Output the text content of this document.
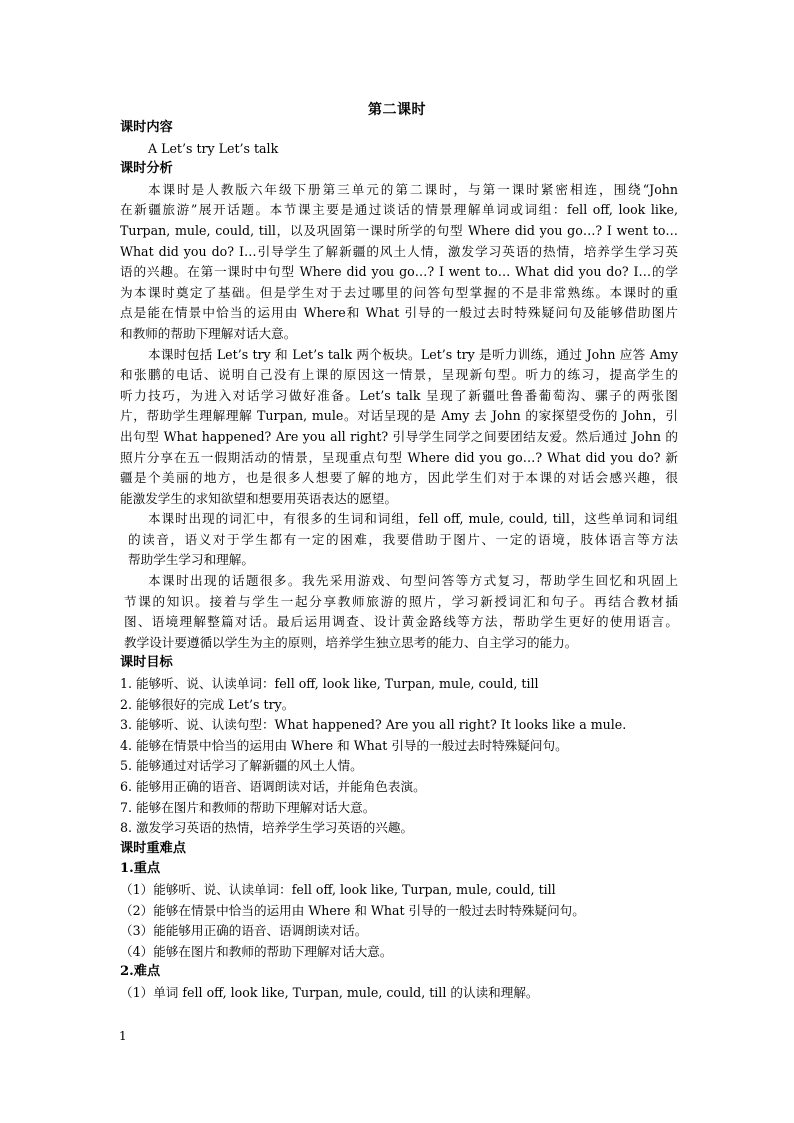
第二课时
课时内容
A Let’s try Let’s talk
课时分析
本课时是人教版六年级下册第三单元的第二课时，与第一课时紧密相连，围绕“John
在新疆旅游”展开话题。本节课主要是通过谈话的情景理解单词或词组：fell off, look like,
Turpan, mule, could, till，以及巩固第一课时所学的句型 Where did you go…? I went to…
What did you do? I…引导学生了解新疆的风土人情，激发学习英语的热情，培养学生学习英
语的兴趣。在第一课时中句型 Where did you go…? I went to… What did you do? I…的学
为本课时奠定了基础。但是学生对于去过哪里的问答句型掌握的不是非常熟练。本课时的重
点是能在情景中恰当的运用由 Where和 What 引导的一般过去时特殊疑问句及能够借助图片
和教师的帮助下理解对话大意。
本课时包括 Let’s try 和 Let’s talk 两个板块。Let’s try 是听力训练，通过 John 应答 Amy
和张鹏的电话、说明自己没有上课的原因这一情景，呈现新句型。听力的练习，提高学生的
听力技巧，为进入对话学习做好准备。Let’s talk 呈现了新疆吐鲁番葡萄沟、骡子的两张图
片，帮助学生理解理解 Turpan, mule。对话呈现的是 Amy 去 John 的家探望受伤的 John，引
出句型 What happened? Are you all right? 引导学生同学之间要团结友爱。然后通过 John 的
照片分享在五一假期活动的情景，呈现重点句型 Where did you go…? What did you do? 新
疆是个美丽的地方，也是很多人想要了解的地方，因此学生们对于本课的对话会感兴趣，很
能激发学生的求知欲望和想要用英语表达的愿望。
本课时出现的词汇中，有很多的生词和词组，fell off, mule, could, till，这些单词和词组
的读音，语义对于学生都有一定的困难，我要借助于图片、一定的语境，肢体语言等方法
帮助学生学习和理解。
本课时出现的话题很多。我先采用游戏、句型问答等方式复习，帮助学生回忆和巩固上
节课的知识。接着与学生一起分享教师旅游的照片，学习新授词汇和句子。再结合教材插
图、语境理解整篇对话。最后运用调查、设计黄金路线等方法，帮助学生更好的使用语言。
教学设计要遵循以学生为主的原则，培养学生独立思考的能力、自主学习的能力。
课时目标
1. 能够听、说、认读单词：fell off, look like, Turpan, mule, could, till
2. 能够很好的完成 Let’s try。
3. 能够听、说、认读句型：What happened? Are you all right? It looks like a mule.
4. 能够在情景中恰当的运用由 Where 和 What 引导的一般过去时特殊疑问句。
5. 能够通过对话学习了解新疆的风土人情。
6. 能够用正确的语音、语调朗读对话，并能角色表演。
7. 能够在图片和教师的帮助下理解对话大意。
8. 激发学习英语的热情，培养学生学习英语的兴趣。
课时重难点
1.重点
（1）能够听、说、认读单词：fell off, look like, Turpan, mule, could, till
（2）能够在情景中恰当的运用由 Where 和 What 引导的一般过去时特殊疑问句。
（3）能能够用正确的语音、语调朗读对话。
（4）能够在图片和教师的帮助下理解对话大意。
2.难点
（1）单词 fell off, look like, Turpan, mule, could, till 的认读和理解。
1
